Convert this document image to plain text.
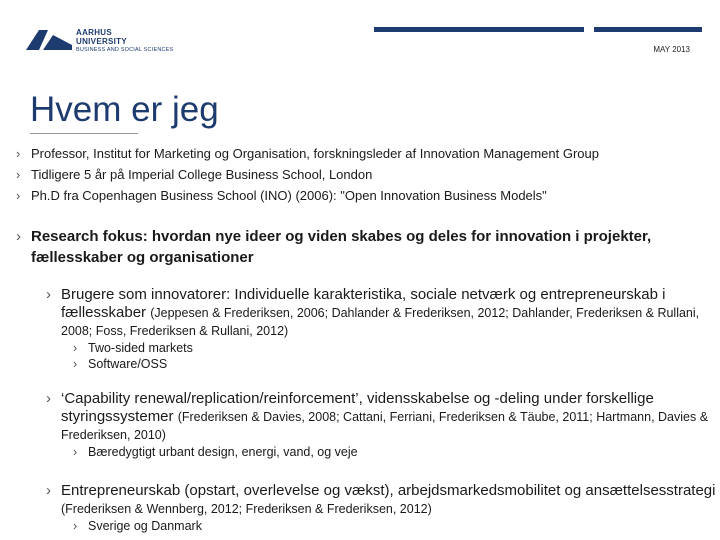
AARHUS
UNIVERSITY
BUSINESS AND SOCIAL SCIENCES	MAY 2013
Hvem er jeg
› Professor, Institut for Marketing og Organisation, forskningsleder af Innovation Management Group
› Tidligere 5 år på Imperial College Business School, London
› Ph.D fra Copenhagen Business School (INO) (2006): "Open Innovation Business Models"
› Research fokus: hvordan nye ideer og viden skabes og deles for innovation i projekter, fællesskaber og organisationer
› Brugere som innovatorer: Individuelle karakteristika, sociale netværk og entrepreneurskab i fællesskaber (Jeppesen & Frederiksen, 2006; Dahlander & Frederiksen, 2012; Dahlander, Frederiksen & Rullani, 2008; Foss, Frederiksen & Rullani, 2012)
› Two-sided markets
› Software/OSS
› ‘Capability renewal/replication/reinforcement’, vidensskabelse og -deling under forskellige styringssystemer (Frederiksen & Davies, 2008; Cattani, Ferriani, Frederiksen & Täube, 2011; Hartmann, Davies & Frederiksen, 2010)
› Bæredygtigt urbant design, energi, vand, og veje
› Entrepreneurskab (opstart, overlevelse og vækst), arbejdsmarkedsmobilitet og ansættelsesstrategi (Frederiksen & Wennberg, 2012; Frederiksen & Frederiksen, 2012)
› Sverige og Danmark
